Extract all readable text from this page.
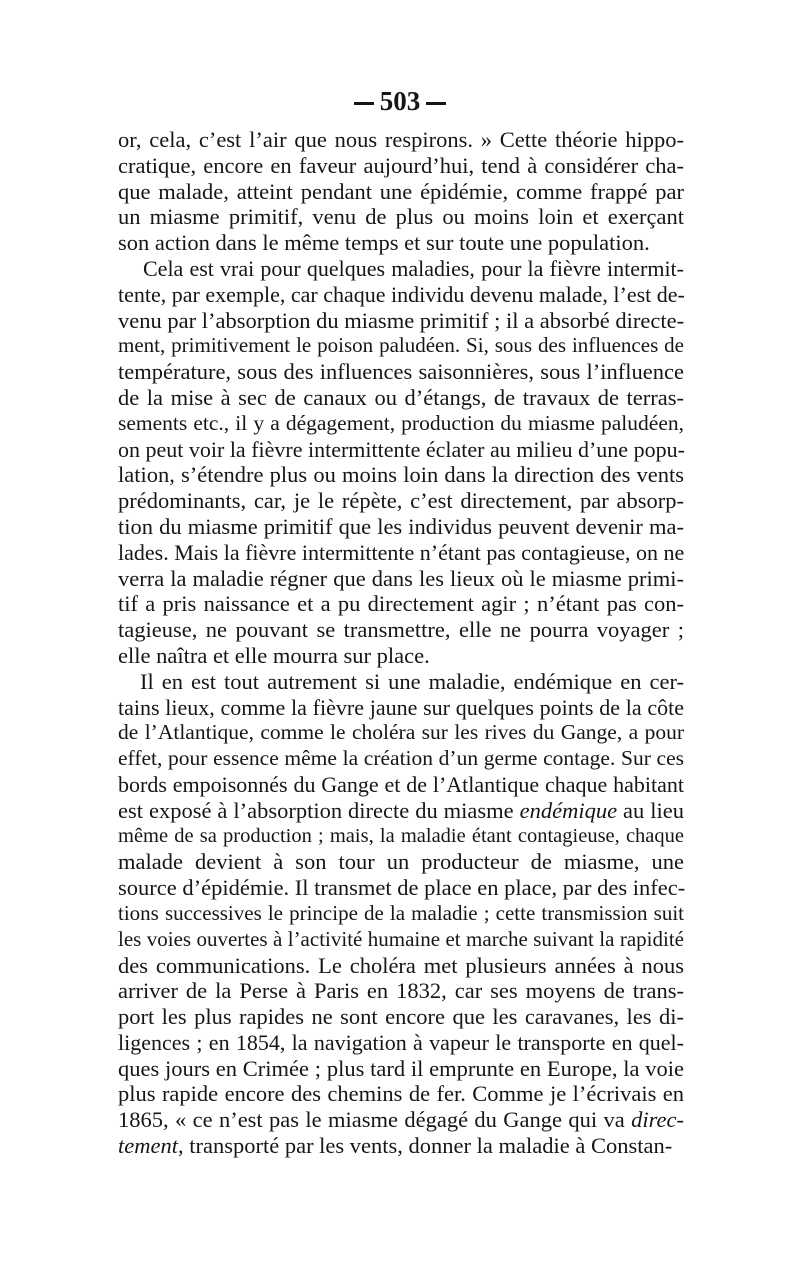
503
or, cela, c’est l’air que nous respirons. » Cette théorie hippo-
cratique, encore en faveur aujourd’hui, tend à considérer cha-
que malade, atteint pendant une épidémie, comme frappé par
un miasme primitif, venu de plus ou moins loin et exerçant
son action dans le même temps et sur toute une population.
Cela est vrai pour quelques maladies, pour la fièvre intermit-
tente, par exemple, car chaque individu devenu malade, l’est de-
venu par l’absorption du miasme primitif ; il a absorbé directe-
ment, primitivement le poison paludéen. Si, sous des influences de
température, sous des influences saisonnières, sous l’influence
de la mise à sec de canaux ou d’étangs, de travaux de terras-
sements etc., il y a dégagement, production du miasme paludéen,
on peut voir la fièvre intermittente éclater au milieu d’une popu-
lation, s’étendre plus ou moins loin dans la direction des vents
prédominants, car, je le répète, c’est directement, par absorp-
tion du miasme primitif que les individus peuvent devenir ma-
lades. Mais la fièvre intermittente n’étant pas contagieuse, on ne
verra la maladie régner que dans les lieux où le miasme primi-
tif a pris naissance et a pu directement agir ; n’étant pas con-
tagieuse, ne pouvant se transmettre, elle ne pourra voyager ;
elle naîtra et elle mourra sur place.
Il en est tout autrement si une maladie, endémique en cer-
tains lieux, comme la fièvre jaune sur quelques points de la côte
de l’Atlantique, comme le choléra sur les rives du Gange, a pour
effet, pour essence même la création d’un germe contage. Sur ces
bords empoisonnés du Gange et de l’Atlantique chaque habitant
est exposé à l’absorption directe du miasme endémique au lieu
même de sa production ; mais, la maladie étant contagieuse, chaque
malade devient à son tour un producteur de miasme, une
source d’épidémie. Il transmet de place en place, par des infec-
tions successives le principe de la maladie ; cette transmission suit
les voies ouvertes à l’activité humaine et marche suivant la rapidité
des communications. Le choléra met plusieurs années à nous
arriver de la Perse à Paris en 1832, car ses moyens de trans-
port les plus rapides ne sont encore que les caravanes, les di-
ligences ; en 1854, la navigation à vapeur le transporte en quel-
ques jours en Crimée ; plus tard il emprunte en Europe, la voie
plus rapide encore des chemins de fer. Comme je l’écrivais en
1865, « ce n’est pas le miasme dégagé du Gange qui va direc-
tement, transporté par les vents, donner la maladie à Constan-
